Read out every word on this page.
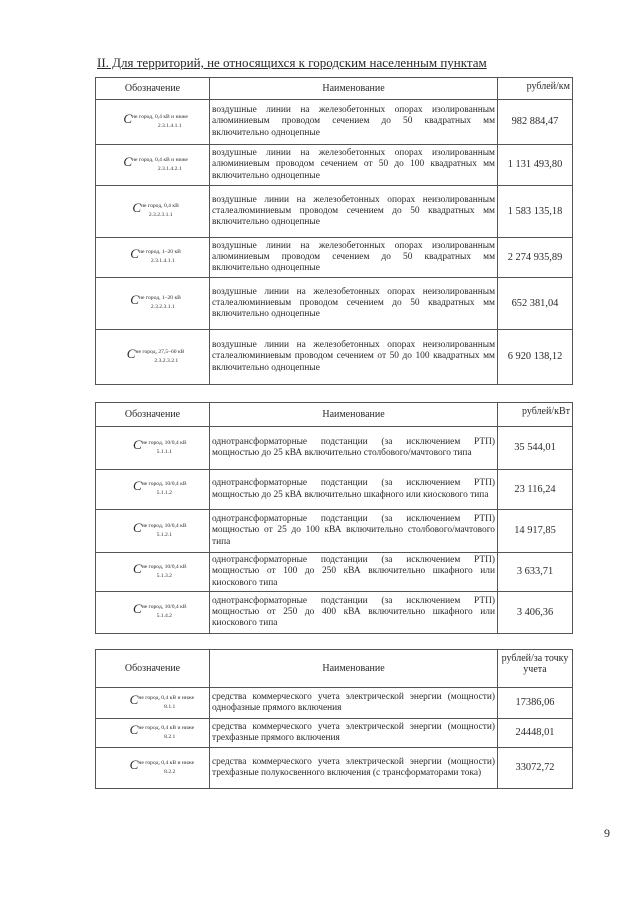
II. Для территорий, не относящихся к городским населенным пунктам
Обозначение	Наименование	рублей/км
$C^{не город, 0,4 кВ и ниже}_{2.3.1.4.1.1}$	воздушные линии на железобетонных опорах изолированным алюминиевым проводом сечением до 50 квадратных мм включительно одноцепные	982 884,47
$C^{не город, 0,4 кВ и ниже}_{2.3.1.4.2.1}$	воздушные линии на железобетонных опорах изолированным алюминиевым проводом сечением от 50 до 100 квадратных мм включительно одноцепные	1 131 493,80
$C^{не город, 0,4 кВ}_{2.3.2.3.1.1}$	воздушные линии на железобетонных опорах неизолированным сталеалюминиевым проводом сечением до 50 квадратных мм включительно одноцепные	1 583 135,18
$C^{не город, 1-20 кВ}_{2.3.1.4.1.1}$	воздушные линии на железобетонных опорах изолированным алюминиевым проводом сечением до 50 квадратных мм включительно одноцепные	2 274 935,89
$C^{не город, 1-20 кВ}_{2.3.2.3.1.1}$	воздушные линии на железобетонных опорах неизолированным сталеалюминиевым проводом сечением до 50 квадратных мм включительно одноцепные	652 381,04
$C^{не город, 27,5-60 кВ}_{2.3.2.3.2.1}$	воздушные линии на железобетонных опорах неизолированным сталеалюминиевым проводом сечением от 50 до 100 квадратных мм включительно одноцепные	6 920 138,12
Обозначение	Наименование	рублей/кВт
$C^{не город, 10/0,4 кВ}_{5.1.1.1}$	однотрансформаторные подстанции (за исключением РТП) мощностью до 25 кВА включительно столбового/мачтового типа	35 544,01
$C^{не город, 10/0,4 кВ}_{5.1.1.2}$	однотрансформаторные подстанции (за исключением РТП) мощностью до 25 кВА включительно шкафного или киоскового типа	23 116,24
$C^{не город, 10/0,4 кВ}_{5.1.2.1}$	однотрансформаторные подстанции (за исключением РТП) мощностью от 25 до 100 кВА включительно столбового/мачтового типа	14 917,85
$C^{не город, 10/0,4 кВ}_{5.1.3.2}$	однотрансформаторные подстанции (за исключением РТП) мощностью от 100 до 250 кВА включительно шкафного или киоскового типа	3 633,71
$C^{не город, 10/0,4 кВ}_{5.1.4.2}$	однотрансформаторные подстанции (за исключением РТП) мощностью от 250 до 400 кВА включительно шкафного или киоскового типа	3 406,36
Обозначение	Наименование	рублей/за точку учета
$C^{не город, 0,4 кВ и ниже}_{8.1.1}$	средства коммерческого учета электрической энергии (мощности) однофазные прямого включения	17386,06
$C^{не город, 0,4 кВ и ниже}_{8.2.1}$	средства коммерческого учета электрической энергии (мощности) трехфазные прямого включения	24448,01
$C^{не город, 0,4 кВ и ниже}_{8.2.2}$	средства коммерческого учета электрической энергии (мощности) трехфазные полукосвенного включения (с трансформаторами тока)	33072,72
9
